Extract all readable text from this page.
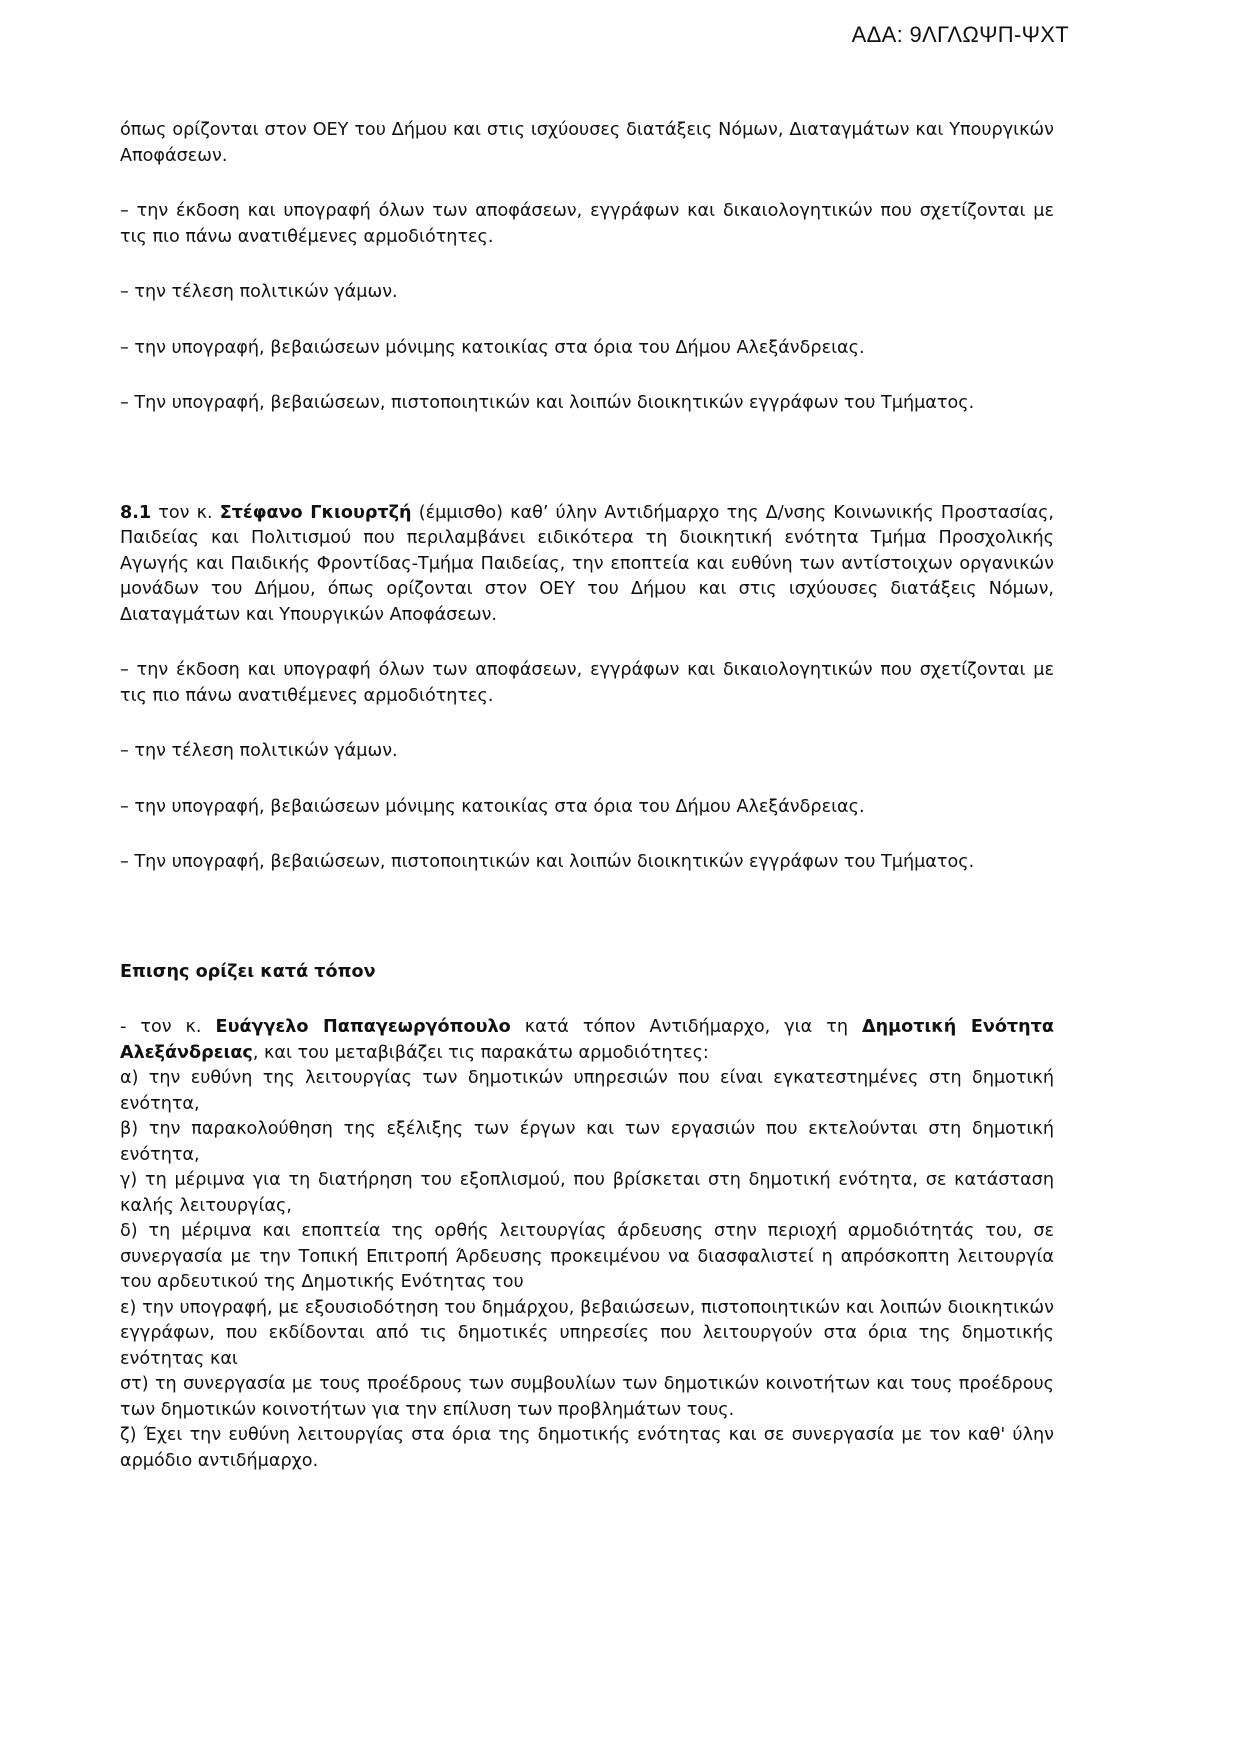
ΑΔΑ: 9ΛΓΛΩΨΠ-ΨΧΤ

όπως ορίζονται στον ΟΕΥ του Δήμου και στις ισχύουσες διατάξεις Νόμων, Διαταγμάτων και Υπουργικών Αποφάσεων.

– την έκδοση και υπογραφή όλων των αποφάσεων, εγγράφων και δικαιολογητικών που σχετίζονται με τις πιο πάνω ανατιθέμενες αρμοδιότητες.

– την τέλεση πολιτικών γάμων.

– την υπογραφή, βεβαιώσεων μόνιμης κατοικίας στα όρια του Δήμου Αλεξάνδρειας.

– Την υπογραφή, βεβαιώσεων, πιστοποιητικών και λοιπών διοικητικών εγγράφων του Τμήματος.

8.1 τον κ. Στέφανο Γκιουρτζή (έμμισθο) καθ’ ύλην Αντιδήμαρχο της Δ/νσης Κοινωνικής Προστασίας, Παιδείας και Πολιτισμού που περιλαμβάνει ειδικότερα τη διοικητική ενότητα Τμήμα Προσχολικής Αγωγής και Παιδικής Φροντίδας-Τμήμα Παιδείας, την εποπτεία και ευθύνη των αντίστοιχων οργανικών μονάδων του Δήμου, όπως ορίζονται στον ΟΕΥ του Δήμου και στις ισχύουσες διατάξεις Νόμων, Διαταγμάτων και Υπουργικών Αποφάσεων.

– την έκδοση και υπογραφή όλων των αποφάσεων, εγγράφων και δικαιολογητικών που σχετίζονται με τις πιο πάνω ανατιθέμενες αρμοδιότητες.

– την τέλεση πολιτικών γάμων.

– την υπογραφή, βεβαιώσεων μόνιμης κατοικίας στα όρια του Δήμου Αλεξάνδρειας.

– Την υπογραφή, βεβαιώσεων, πιστοποιητικών και λοιπών διοικητικών εγγράφων του Τμήματος.

Επισης ορίζει κατά τόπον

- τον κ. Ευάγγελο Παπαγεωργόπουλο κατά τόπον Αντιδήμαρχο, για τη Δημοτική Ενότητα Αλεξάνδρειας, και του μεταβιβάζει τις παρακάτω αρμοδιότητες:

α) την ευθύνη της λειτουργίας των δημοτικών υπηρεσιών που είναι εγκατεστημένες στη δημοτική ενότητα,

β) την παρακολούθηση της εξέλιξης των έργων και των εργασιών που εκτελούνται στη δημοτική ενότητα,

γ) τη μέριμνα για τη διατήρηση του εξοπλισμού, που βρίσκεται στη δημοτική ενότητα, σε κατάσταση καλής λειτουργίας,

δ) τη μέριμνα και εποπτεία της ορθής λειτουργίας άρδευσης στην περιοχή αρμοδιότητάς του, σε συνεργασία με την Τοπική Επιτροπή Άρδευσης προκειμένου να διασφαλιστεί η απρόσκοπτη λειτουργία του αρδευτικού της Δημοτικής Ενότητας του

ε) την υπογραφή, με εξουσιοδότηση του δημάρχου, βεβαιώσεων, πιστοποιητικών και λοιπών διοικητικών εγγράφων, που εκδίδονται από τις δημοτικές υπηρεσίες που λειτουργούν στα όρια της δημοτικής ενότητας και

στ) τη συνεργασία με τους προέδρους των συμβουλίων των δημοτικών κοινοτήτων και τους προέδρους των δημοτικών κοινοτήτων για την επίλυση των προβλημάτων τους.

ζ) Έχει την ευθύνη λειτουργίας στα όρια της δημοτικής ενότητας και σε συνεργασία με τον καθ' ύλην αρμόδιο αντιδήμαρχο.
